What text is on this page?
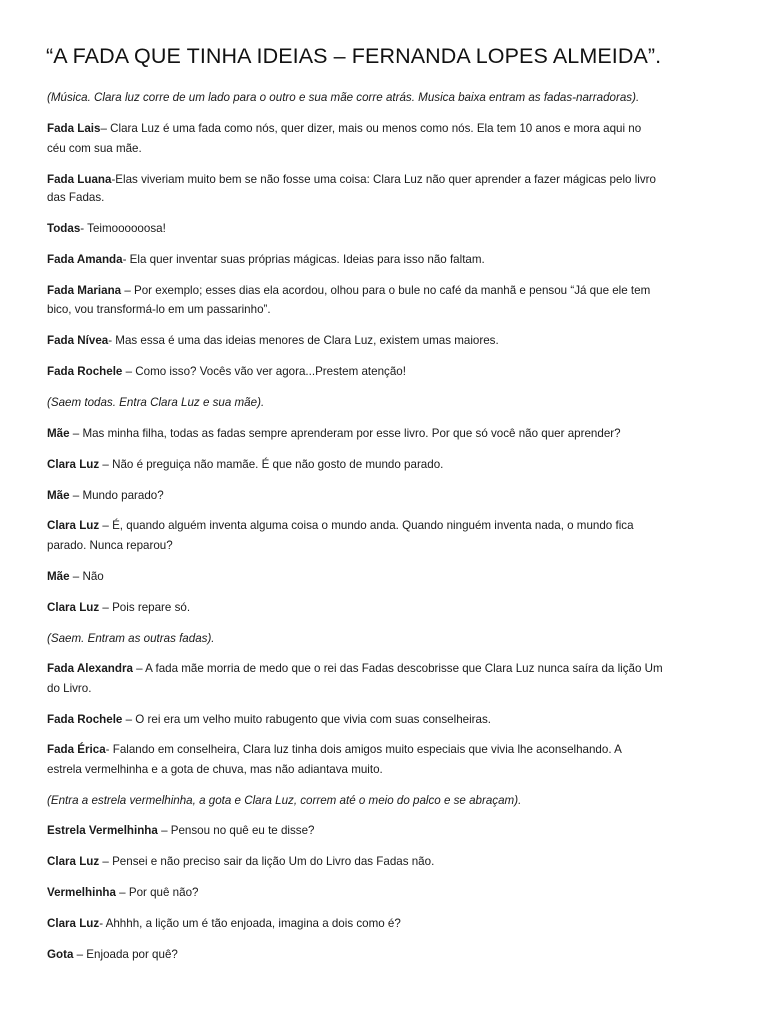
“A FADA QUE TINHA IDEIAS – FERNANDA LOPES ALMEIDA”.
(Música. Clara luz corre de um lado para o outro e sua mãe corre atrás. Musica baixa entram as fadas-narradoras).
Fada Lais– Clara Luz é uma fada como nós, quer dizer, mais ou menos como nós. Ela tem 10 anos e mora aqui no
céu com sua mãe.
Fada Luana-Elas viveriam muito bem se não fosse uma coisa: Clara Luz não quer aprender a fazer mágicas pelo livro
das Fadas.
Todas- Teimoooooosa!
Fada Amanda- Ela quer inventar suas próprias mágicas. Ideias para isso não faltam.
Fada Mariana – Por exemplo; esses dias ela acordou, olhou para o bule no café da manhã e pensou “Já que ele tem
bico, vou transformá-lo em um passarinho”.
Fada Nívea- Mas essa é uma das ideias menores de Clara Luz, existem umas maiores.
Fada Rochele – Como isso? Vocês vão ver agora...Prestem atenção!
(Saem todas. Entra Clara Luz e sua mãe).
Mãe – Mas minha filha, todas as fadas sempre aprenderam por esse livro. Por que só você não quer aprender?
Clara Luz – Não é preguiça não mamãe. É que não gosto de mundo parado.
Mãe – Mundo parado?
Clara Luz – É, quando alguém inventa alguma coisa o mundo anda. Quando ninguém inventa nada, o mundo fica
parado. Nunca reparou?
Mãe – Não
Clara Luz – Pois repare só.
(Saem. Entram as outras fadas).
Fada Alexandra – A fada mãe morria de medo que o rei das Fadas descobrisse que Clara Luz nunca saíra da lição Um
do Livro.
Fada Rochele – O rei era um velho muito rabugento que vivia com suas conselheiras.
Fada Érica- Falando em conselheira, Clara luz tinha dois amigos muito especiais que vivia lhe aconselhando. A
estrela vermelhinha e a gota de chuva, mas não adiantava muito.
(Entra a estrela vermelhinha, a gota e Clara Luz, correm até o meio do palco e se abraçam).
Estrela Vermelhinha – Pensou no quê eu te disse?
Clara Luz – Pensei e não preciso sair da lição Um do Livro das Fadas não.
Vermelhinha – Por quê não?
Clara Luz- Ahhhh, a lição um é tão enjoada, imagina a dois como é?
Gota – Enjoada por quê?
